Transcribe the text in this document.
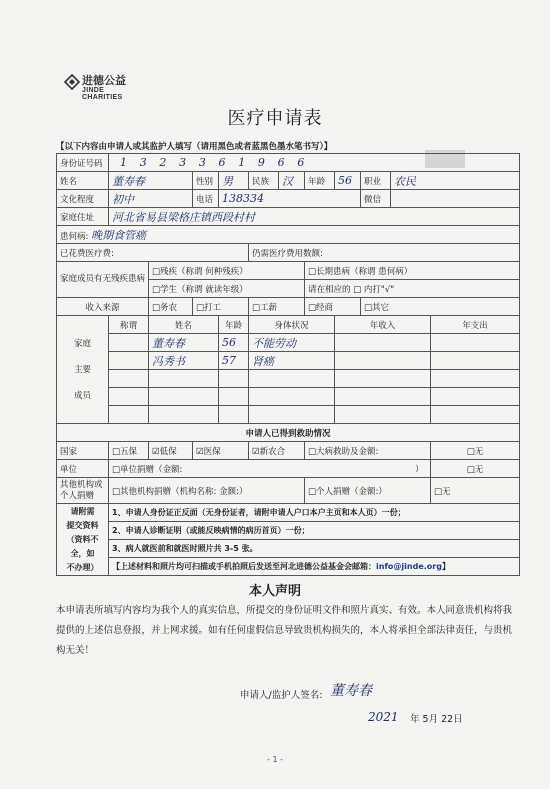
进德公益
JINDE CHARITIES
医疗申请表
【以下内容由申请人或其监护人填写（请用黑色或者蓝黑色墨水笔书写）】
身份证号码	1 3 2 3 3 6 1 9 6 6										
姓名	董寿春		性别	男	民族	汉	年龄	56	职业	农民	
文化程度	初中		电话	138334					微信		
家庭住址	河北省易县梁格庄镇西段村村										
患何病: 晚期食管癌											
已花费医疗费:					仍需医疗费用数额:						
家庭成员有无残疾患病		□残疾（称谓 何种残疾）					□长期患病（称谓 患何病）				
		□学生（称谓 就读年级）					请在相应的 □ 内打"√"				
收入来源		□务农	□打工		□工薪		□经商		□其它		
家庭主要成员	称谓	姓名		年龄	身体状况			年收入			年支出
		董寿春		56	不能劳动						
		冯秀书		57	肾癌						

申请人已得到救助情况											
国家	□五保	☑低保	☑医保		☑新农合		□大病救助及金额:				□无
单位	□单位捐赠（金额: ）										□无
其他机构或个人捐赠	□其他机构捐赠（机构名称: 金额:）						□个人捐赠（金额:）				□无
请附需
提交资料
（资料不全，如
不办理）	1、申请人身份证正反面（无身份证者，请附申请人户口本户主页和本人页）一份；										
	2、申请人诊断证明（或能反映病情的病历首页）一份；										
	3、病人就医前和就医时照片共 3-5 张。										
	【上述材料和照片均可扫描或手机拍照后发送至河北进德公益基金会邮箱：info@jinde.org】										
本人声明
本申请表所填写内容均为我个人的真实信息，所提交的身份证明文件和照片真实、有效。本人同意贵机构将我提供的上述信息登报，并上网求援。如有任何虚假信息导致贵机构损失的，本人将承担全部法律责任，与贵机构无关！
申请人/监护人签名: 董寿春
2021 年 5月 22日
- 1 -
